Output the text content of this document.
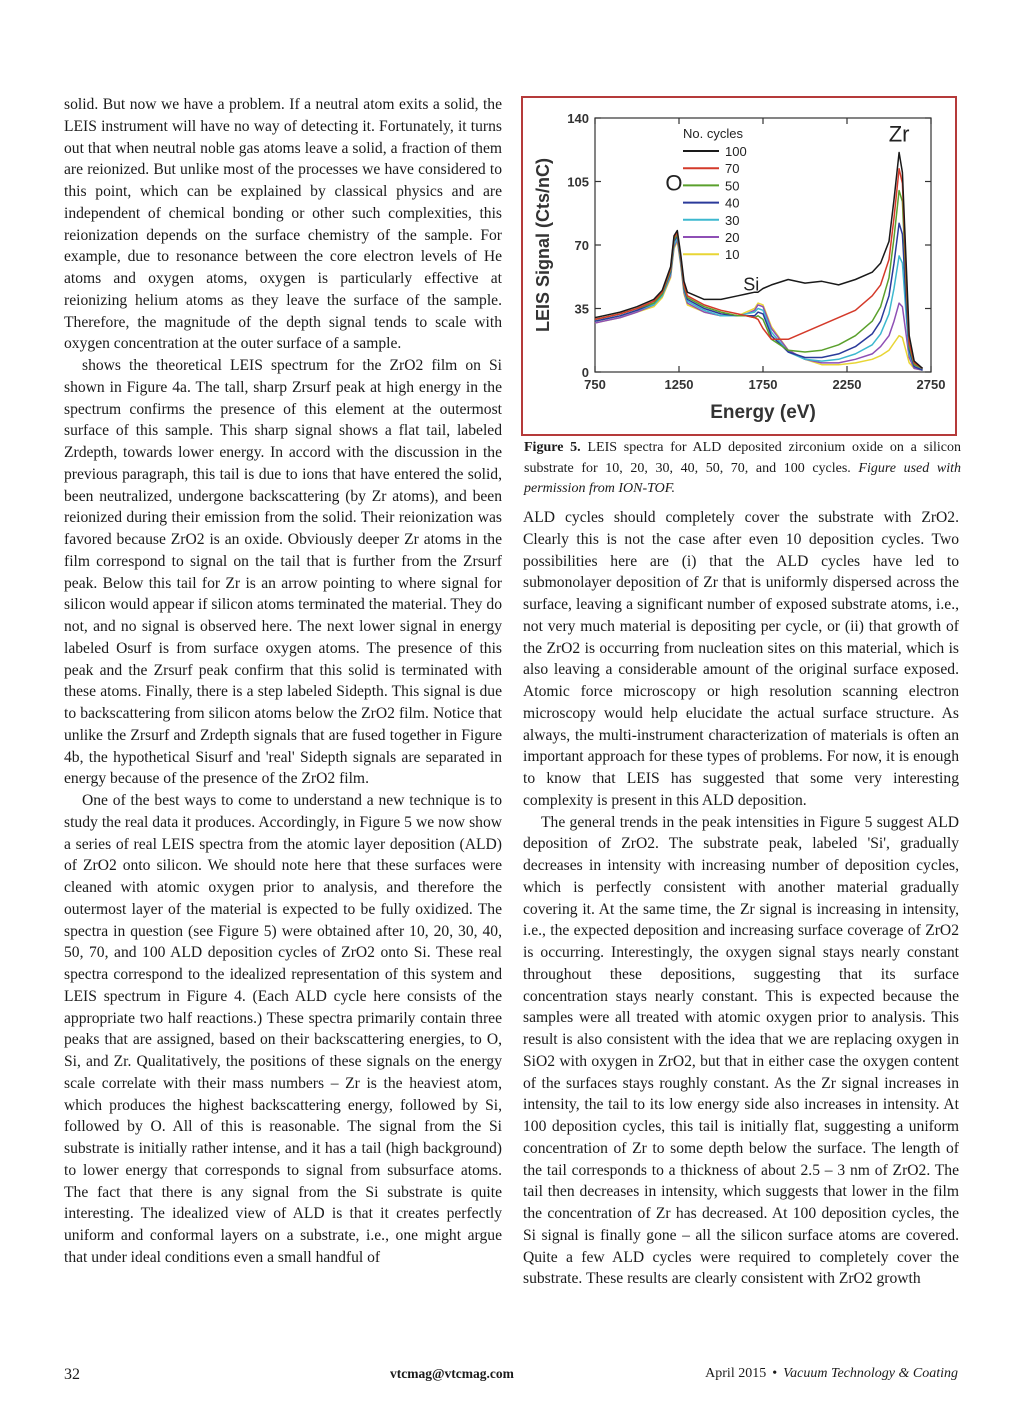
solid. But now we have a problem. If a neutral atom exits a solid, the LEIS instrument will have no way of detecting it. Fortunately, it turns out that when neutral noble gas atoms leave a solid, a fraction of them are reionized. But unlike most of the processes we have considered to this point, which can be explained by classical physics and are independent of chemical bonding or other such complexities, this reionization depends on the surface chemistry of the sample. For example, due to resonance between the core electron levels of He atoms and oxygen atoms, oxygen is particularly effective at reionizing helium atoms as they leave the surface of the sample. Therefore, the magnitude of the depth signal tends to scale with oxygen concentration at the outer surface of a sample.

shows the theoretical LEIS spectrum for the ZrO2 film on Si shown in Figure 4a. The tall, sharp Zrsurf peak at high energy in the spectrum confirms the presence of this element at the outermost surface of this sample. This sharp signal shows a flat tail, labeled Zrdepth, towards lower energy. In accord with the discussion in the previous paragraph, this tail is due to ions that have entered the solid, been neutralized, undergone backscattering (by Zr atoms), and been reionized during their emission from the solid. Their reionization was favored because ZrO2 is an oxide. Obviously deeper Zr atoms in the film correspond to signal on the tail that is further from the Zrsurf peak. Below this tail for Zr is an arrow pointing to where signal for silicon would appear if silicon atoms terminated the material. They do not, and no signal is observed here. The next lower signal in energy labeled Osurf is from surface oxygen atoms. The presence of this peak and the Zrsurf peak confirm that this solid is terminated with these atoms. Finally, there is a step labeled Sidepth. This signal is due to backscattering from silicon atoms below the ZrO2 film. Notice that unlike the Zrsurf and Zrdepth signals that are fused together in Figure 4b, the hypothetical Sisurf and 'real' Sidepth signals are separated in energy because of the presence of the ZrO2 film.

One of the best ways to come to understand a new technique is to study the real data it produces. Accordingly, in Figure 5 we now show a series of real LEIS spectra from the atomic layer deposition (ALD) of ZrO2 onto silicon. We should note here that these surfaces were cleaned with atomic oxygen prior to analysis, and therefore the outermost layer of the material is expected to be fully oxidized. The spectra in question (see Figure 5) were obtained after 10, 20, 30, 40, 50, 70, and 100 ALD deposition cycles of ZrO2 onto Si. These real spectra correspond to the idealized representation of this system and LEIS spectrum in Figure 4. (Each ALD cycle here consists of the appropriate two half reactions.) These spectra primarily contain three peaks that are assigned, based on their backscattering energies, to O, Si, and Zr. Qualitatively, the positions of these signals on the energy scale correlate with their mass numbers – Zr is the heaviest atom, which produces the highest backscattering energy, followed by Si, followed by O. All of this is reasonable. The signal from the Si substrate is initially rather intense, and it has a tail (high background) to lower energy that corresponds to signal from subsurface atoms. The fact that there is any signal from the Si substrate is quite interesting. The idealized view of ALD is that it creates perfectly uniform and conformal layers on a substrate, i.e., one might argue that under ideal conditions even a small handful of

750	1250	1750	2250	2750
0
35
70
105
140
Energy (eV)
LEIS Signal (Cts/nC)
No. cycles
100
70
50
40
30
20
10
O
Si
Zr
Figure 5. LEIS spectra for ALD deposited zirconium oxide on a silicon substrate for 10, 20, 30, 40, 50, 70, and 100 cycles. Figure used with permission from ION-TOF.

ALD cycles should completely cover the substrate with ZrO2. Clearly this is not the case after even 10 deposition cycles. Two possibilities here are (i) that the ALD cycles have led to submonolayer deposition of Zr that is uniformly dispersed across the surface, leaving a significant number of exposed substrate atoms, i.e., not very much material is depositing per cycle, or (ii) that growth of the ZrO2 is occurring from nucleation sites on this material, which is also leaving a considerable amount of the original surface exposed. Atomic force microscopy or high resolution scanning electron microscopy would help elucidate the actual surface structure. As always, the multi-instrument characterization of materials is often an important approach for these types of problems. For now, it is enough to know that LEIS has suggested that some very interesting complexity is present in this ALD deposition.

The general trends in the peak intensities in Figure 5 suggest ALD deposition of ZrO2. The substrate peak, labeled 'Si', gradually decreases in intensity with increasing number of deposition cycles, which is perfectly consistent with another material gradually covering it. At the same time, the Zr signal is increasing in intensity, i.e., the expected deposition and increasing surface coverage of ZrO2 is occurring. Interestingly, the oxygen signal stays nearly constant throughout these depositions, suggesting that its surface concentration stays nearly constant. This is expected because the samples were all treated with atomic oxygen prior to analysis. This result is also consistent with the idea that we are replacing oxygen in SiO2 with oxygen in ZrO2, but that in either case the oxygen content of the surfaces stays roughly constant. As the Zr signal increases in intensity, the tail to its low energy side also increases in intensity. At 100 deposition cycles, this tail is initially flat, suggesting a uniform concentration of Zr to some depth below the surface. The length of the tail corresponds to a thickness of about 2.5 – 3 nm of ZrO2. The tail then decreases in intensity, which suggests that lower in the film the concentration of Zr has decreased. At 100 deposition cycles, the Si signal is finally gone – all the silicon surface atoms are covered. Quite a few ALD cycles were required to completely cover the substrate. These results are clearly consistent with ZrO2 growth

32	vtcmag@vtcmag.com	April 2015 • Vacuum Technology & Coating
